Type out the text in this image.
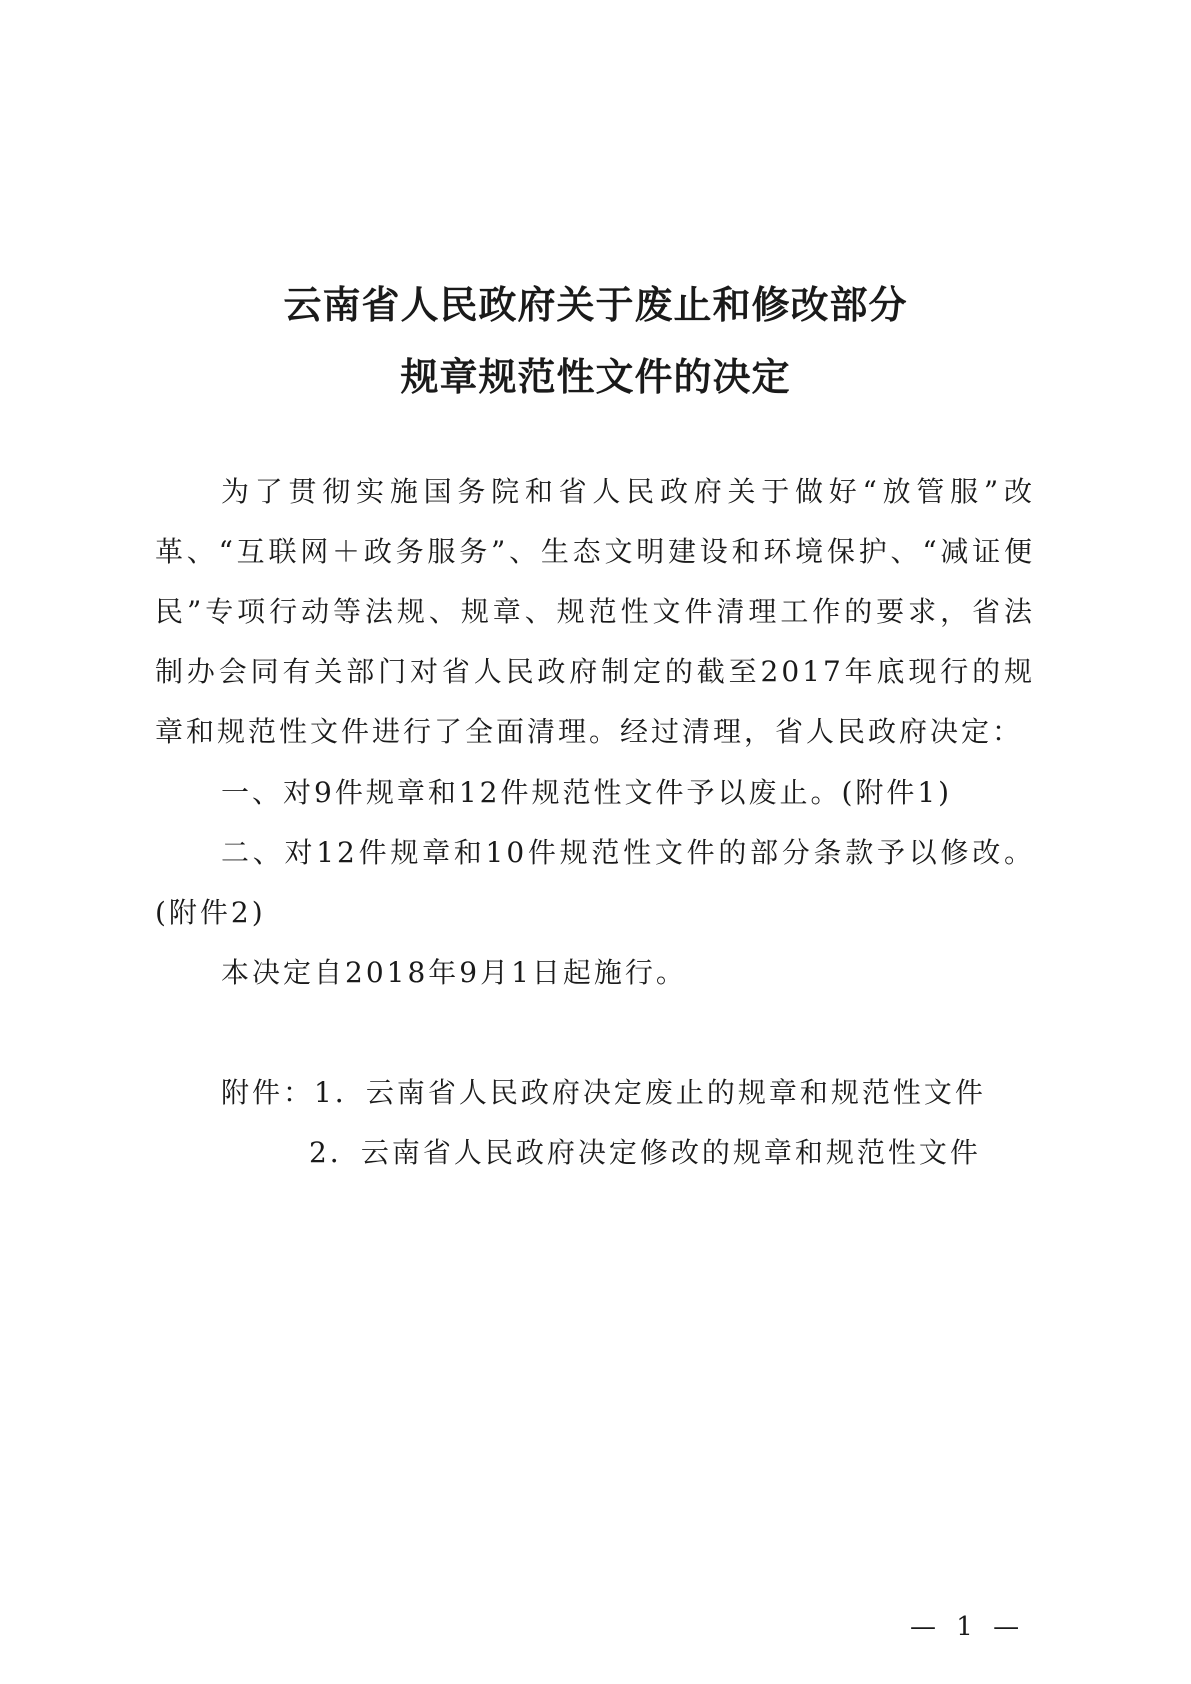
云南省人民政府关于废止和修改部分
规章规范性文件的决定

为了贯彻实施国务院和省人民政府关于做好“放管服”改革、“互联网＋政务服务”、生态文明建设和环境保护、“减证便民”专项行动等法规、规章、规范性文件清理工作的要求，省法制办会同有关部门对省人民政府制定的截至2017年底现行的规章和规范性文件进行了全面清理。经过清理，省人民政府决定：

一、对9件规章和12件规范性文件予以废止。(附件1)

二、对12件规章和10件规范性文件的部分条款予以修改。(附件2)

本决定自2018年9月1日起施行。

附件：1．云南省人民政府决定废止的规章和规范性文件

2．云南省人民政府决定修改的规章和规范性文件

— 1 —
